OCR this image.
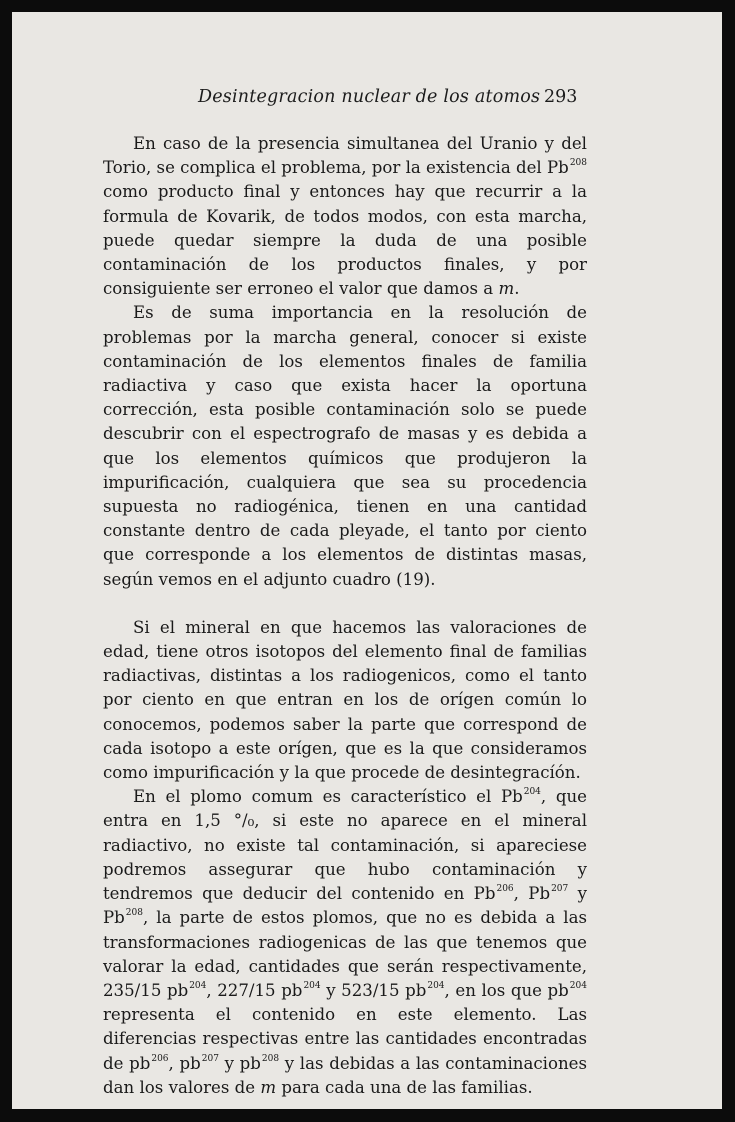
Desintegracion nuclear de los atomos 293

En caso de la presencia simultanea del Uranio y del Torio, se complica el problema, por la existencia del Pb$^{208}$ como producto final y entonces hay que recurrir a la formula de Kovarik, de todos modos, con esta marcha, puede quedar siempre la duda de una posible contaminación de los productos finales, y por consiguiente ser erroneo el valor que damos a m.

Es de suma importancia en la resolución de problemas por la marcha general, conocer si existe contaminación de los elementos finales de familia radiactiva y caso que exista hacer la oportuna corrección, esta posible contaminación solo se puede descubrir con el espectrografo de masas y es debida a que los elementos químicos que produjeron la impurificación, cualquiera que sea su procedencia supuesta no radiogénica, tienen en una cantidad constante dentro de cada pleyade, el tanto por ciento que corresponde a los elementos de distintas masas, según vemos en el adjunto cuadro (19).

Si el mineral en que hacemos las valoraciones de edad, tiene otros isotopos del elemento final de familias radiactivas, distintas a los radiogenicos, como el tanto por ciento en que entran en los de orígen común lo conocemos, podemos saber la parte que correspond de cada isotopo a este orígen, que es la que consideramos como impurificación y la que procede de desintegracíón.

En el plomo comum es característico el Pb$^{204}$, que entra en 1,5 °/₀, si este no aparece en el mineral radiactivo, no existe tal contaminación, si apareciese podremos assegurar que hubo contaminación y tendremos que deducir del contenido en Pb$^{206}$, Pb$^{207}$ y Pb$^{208}$, la parte de estos plomos, que no es debida a las transformaciones radiogenicas de las que tenemos que valorar la edad, cantidades que serán respectivamente, 235/15 $pb^{204}$, 227/15 $pb^{204}$ y 523/15 $pb^{204}$, en los que $pb^{204}$ representa el contenido en este elemento. Las diferencias respectivas entre las cantidades encontradas de $pb^{206}$, $pb^{207}$ y $pb^{208}$ y las debidas a las contaminaciones dan los valores de m para cada una de las familias.
